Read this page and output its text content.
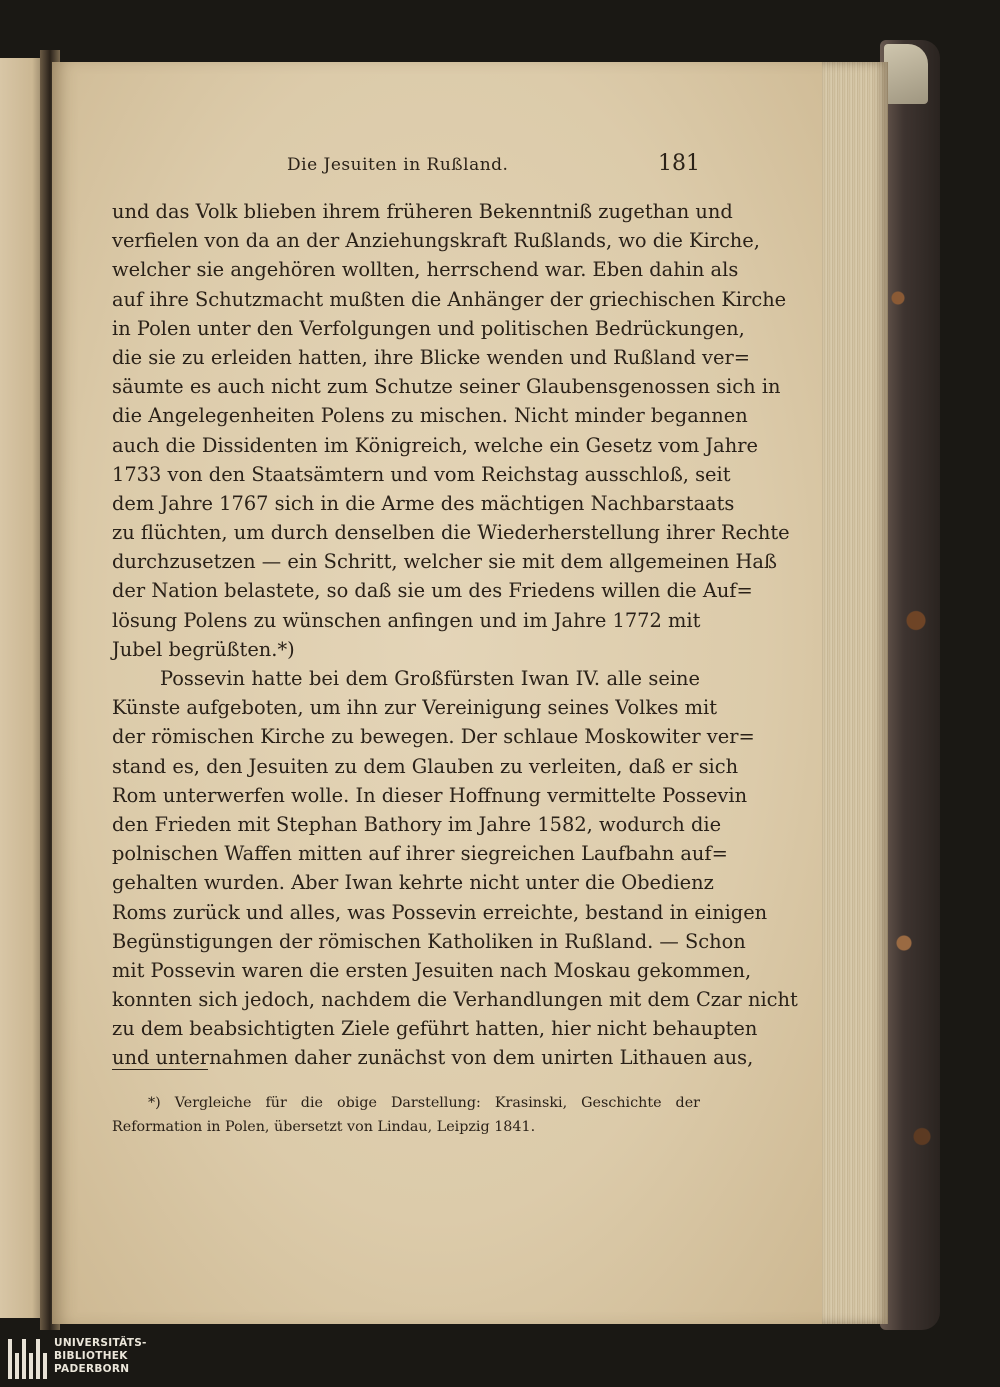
Die Jesuiten in Rußland.	181
und das Volk blieben ihrem früheren Bekenntniß zugethan und
verfielen von da an der Anziehungskraft Rußlands, wo die Kirche,
welcher sie angehören wollten, herrschend war. Eben dahin als
auf ihre Schutzmacht mußten die Anhänger der griechischen Kirche
in Polen unter den Verfolgungen und politischen Bedrückungen,
die sie zu erleiden hatten, ihre Blicke wenden und Rußland ver=
säumte es auch nicht zum Schutze seiner Glaubensgenossen sich in
die Angelegenheiten Polens zu mischen. Nicht minder begannen
auch die Dissidenten im Königreich, welche ein Gesetz vom Jahre
1733 von den Staatsämtern und vom Reichstag ausschloß, seit
dem Jahre 1767 sich in die Arme des mächtigen Nachbarstaats
zu flüchten, um durch denselben die Wiederherstellung ihrer Rechte
durchzusetzen — ein Schritt, welcher sie mit dem allgemeinen Haß
der Nation belastete, so daß sie um des Friedens willen die Auf=
lösung Polens zu wünschen anfingen und im Jahre 1772 mit
Jubel begrüßten.*)
Possevin hatte bei dem Großfürsten Iwan IV. alle seine
Künste aufgeboten, um ihn zur Vereinigung seines Volkes mit
der römischen Kirche zu bewegen. Der schlaue Moskowiter ver=
stand es, den Jesuiten zu dem Glauben zu verleiten, daß er sich
Rom unterwerfen wolle. In dieser Hoffnung vermittelte Possevin
den Frieden mit Stephan Bathory im Jahre 1582, wodurch die
polnischen Waffen mitten auf ihrer siegreichen Laufbahn auf=
gehalten wurden. Aber Iwan kehrte nicht unter die Obedienz
Roms zurück und alles, was Possevin erreichte, bestand in einigen
Begünstigungen der römischen Katholiken in Rußland. — Schon
mit Possevin waren die ersten Jesuiten nach Moskau gekommen,
konnten sich jedoch, nachdem die Verhandlungen mit dem Czar nicht
zu dem beabsichtigten Ziele geführt hatten, hier nicht behaupten
und unternahmen daher zunächst von dem unirten Lithauen aus,
*) Vergleiche für die obige Darstellung: Krasinski, Geschichte der
Reformation in Polen, übersetzt von Lindau, Leipzig 1841.
UNIVERSITÄTS-
BIBLIOTHEK
PADERBORN
